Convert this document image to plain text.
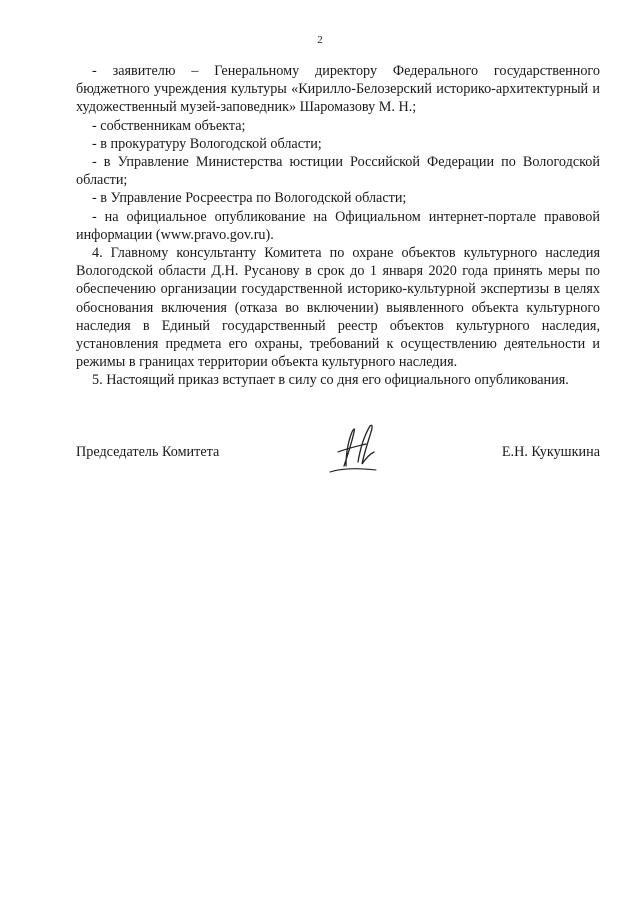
2

- заявителю – Генеральному директору Федерального государственного бюджетного учреждения культуры «Кирилло-Белозерский историко-архитектурный и художественный музей-заповедник» Шаромазову М. Н.;

- собственникам объекта;

- в прокуратуру Вологодской области;

- в Управление Министерства юстиции Российской Федерации по Вологодской области;

- в Управление Росреестра по Вологодской области;

- на официальное опубликование на Официальном интернет-портале правовой информации (www.pravo.gov.ru).

4. Главному консультанту Комитета по охране объектов культурного наследия Вологодской области Д.Н. Русанову в срок до 1 января 2020 года принять меры по обеспечению организации государственной историко-культурной экспертизы в целях обоснования включения (отказа во включении) выявленного объекта культурного наследия в Единый государственный реестр объектов культурного наследия, установления предмета его охраны, требований к осуществлению деятельности и режимы в границах территории объекта культурного наследия.

5. Настоящий приказ вступает в силу со дня его официального опубликования.

Председатель Комитета	Е.Н. Кукушкина
